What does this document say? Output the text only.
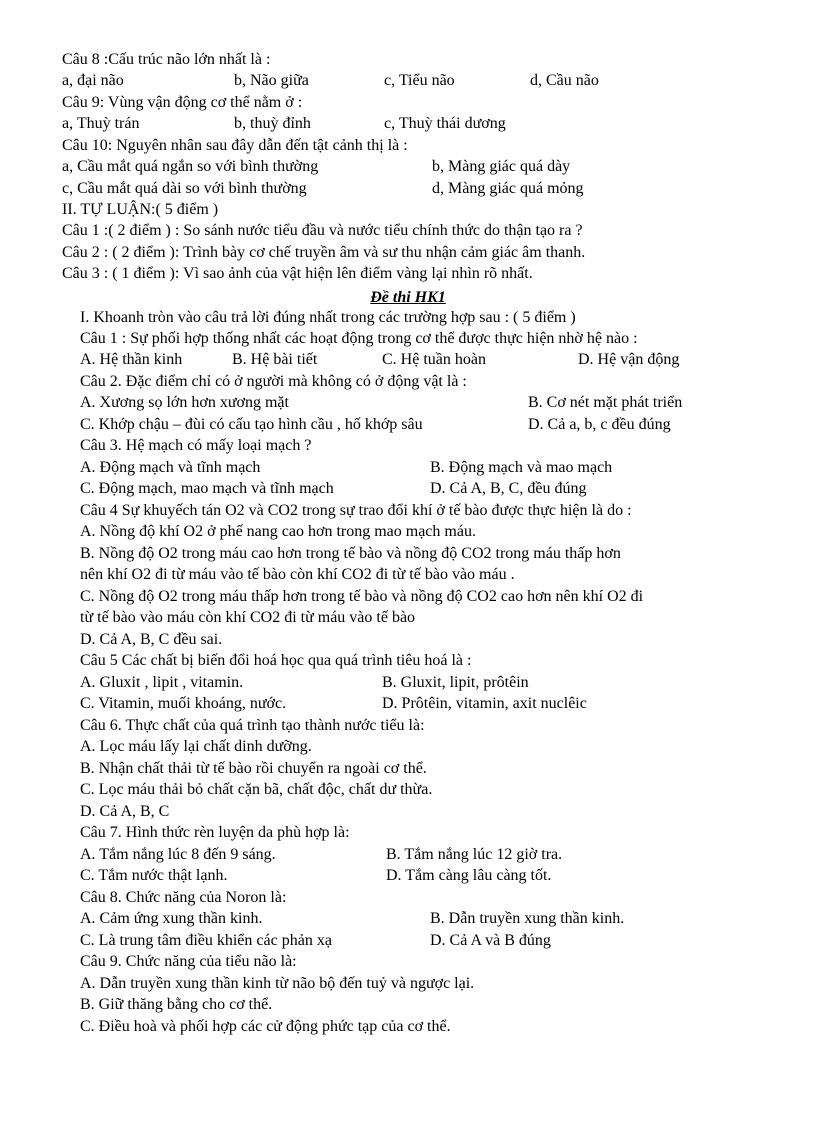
Câu 8 :Cấu trúc não lớn nhất là :
a, đại não	b, Não giữa	c, Tiểu não	d, Cầu não
Câu 9: Vùng vận động cơ thể nằm ở :
a, Thuỳ trán	b, thuỳ đỉnh	c, Thuỳ thái dương
Câu 10: Nguyên nhân sau đây dẫn đến tật cảnh thị là :
a, Cầu mắt quá ngắn so với bình thường	b, Màng giác quá dày
c, Cầu mắt quá dài so với bình thường	d, Màng giác quá mỏng
II. TỰ LUẬN:( 5 điểm )
Câu 1 :( 2 điểm ) : So sánh nước tiểu đầu và nước tiểu chính thức do thận tạo ra ?
Câu 2 : ( 2 điểm ): Trình bày cơ chế truyền âm và sư thu nhận cảm giác âm thanh.
Câu 3 : ( 1 điểm ): Vì sao ảnh của vật hiện lên điểm vàng lại nhìn rõ nhất.
Đề thi HK1
I. Khoanh tròn vào câu trả lời đúng nhất trong các trường hợp sau : ( 5 điểm )
Câu 1 : Sự phối hợp thống nhất các hoạt động trong cơ thể được thực hiện nhờ hệ nào :
A. Hệ thần kinh	B. Hệ bài tiết	C. Hệ tuần hoàn	D. Hệ vận động
Câu 2. Đặc điểm chỉ có ở người mà không có ở động vật là :
A. Xương sọ lớn hơn xương mặt	B. Cơ nét mặt phát triển
C. Khớp chậu – đùi có cấu tạo hình cầu , hố khớp sâu	D. Cả a, b, c đều đúng
Câu 3. Hệ mạch có mấy loại mạch ?
A. Động mạch và tĩnh mạch	B. Động mạch và mao mạch
C. Động mạch, mao mạch và tĩnh mạch	D. Cả A, B, C, đều đúng
Câu 4 Sự khuyếch tán O2 và CO2 trong sự trao đổi khí ở tế bào được thực hiện là do :
A. Nồng độ khí O2 ở phế nang cao hơn trong mao mạch máu.
B. Nồng độ O2 trong máu cao hơn trong tế bào và nồng độ CO2 trong máu thấp hơn
nên khí O2 đi từ máu vào tế bào còn khí CO2 đi từ tế bào vào máu .
C. Nồng độ O2 trong máu thấp hơn trong tế bào và nồng độ CO2 cao hơn nên khí O2 đi
từ tế bào vào máu còn khí CO2 đi từ máu vào tế bào
D. Cả A, B, C đều sai.
Câu 5 Các chất bị biến đổi hoá học qua quá trình tiêu hoá là :
A. Gluxit , lipit , vitamin.	B. Gluxit, lipit, prôtêin
C. Vitamin, muối khoáng, nước.	D. Prôtêin, vitamin, axit nuclêic
Câu 6. Thực chất của quá trình tạo thành nước tiểu là:
A. Lọc máu lấy lại chất dinh dưỡng.
B. Nhận chất thải từ tế bào rồi chuyển ra ngoài cơ thể.
C. Lọc máu thải bỏ chất cặn bã, chất độc, chất dư thừa.
D. Cả A, B, C
Câu 7. Hình thức rèn luyện da phù hợp là:
A. Tắm nắng lúc 8 đến 9 sáng.	B. Tắm nắng lúc 12 giờ tra.
C. Tắm nước thật lạnh.	D. Tắm càng lâu càng tốt.
Câu 8. Chức năng của Noron là:
A. Cảm ứng xung thần kinh.	B. Dẫn truyền xung thần kinh.
C. Là trung tâm điều khiển các phản xạ	D. Cả A và B đúng
Câu 9. Chức năng của tiểu não là:
A. Dẫn truyền xung thần kinh từ não bộ đến tuỷ và ngược lại.
B. Giữ thăng bằng cho cơ thể.
C. Điều hoà và phối hợp các cử động phức tạp của cơ thể.
